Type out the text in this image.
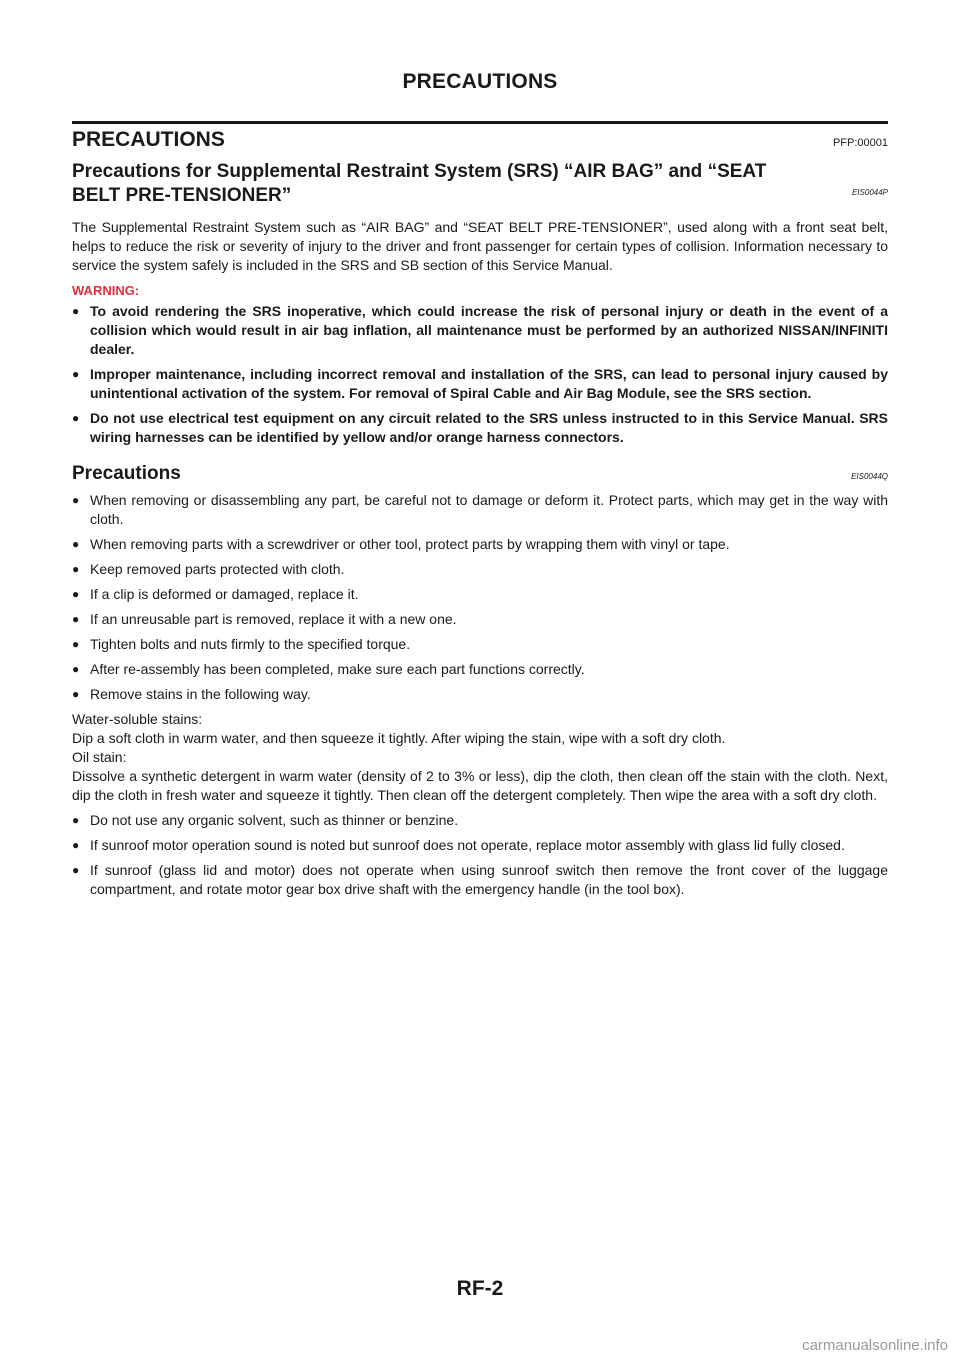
PRECAUTIONS
PRECAUTIONS	PFP:00001
Precautions for Supplemental Restraint System (SRS) “AIR BAG” and “SEAT
BELT PRE-TENSIONER”	EIS0044P

The Supplemental Restraint System such as “AIR BAG” and “SEAT BELT PRE-TENSIONER”, used along with a front seat belt, helps to reduce the risk or severity of injury to the driver and front passenger for certain types of collision. Information necessary to service the system safely is included in the SRS and SB section of this Service Manual.

WARNING:
● To avoid rendering the SRS inoperative, which could increase the risk of personal injury or death in the event of a collision which would result in air bag inflation, all maintenance must be performed by an authorized NISSAN/INFINITI dealer.
● Improper maintenance, including incorrect removal and installation of the SRS, can lead to personal injury caused by unintentional activation of the system. For removal of Spiral Cable and Air Bag Module, see the SRS section.
● Do not use electrical test equipment on any circuit related to the SRS unless instructed to in this Service Manual. SRS wiring harnesses can be identified by yellow and/or orange harness connectors.
Precautions	EIS0044Q
● When removing or disassembling any part, be careful not to damage or deform it. Protect parts, which may get in the way with cloth.
● When removing parts with a screwdriver or other tool, protect parts by wrapping them with vinyl or tape.
● Keep removed parts protected with cloth.
● If a clip is deformed or damaged, replace it.
● If an unreusable part is removed, replace it with a new one.
● Tighten bolts and nuts firmly to the specified torque.
● After re-assembly has been completed, make sure each part functions correctly.
● Remove stains in the following way.
Water-soluble stains:
Dip a soft cloth in warm water, and then squeeze it tightly. After wiping the stain, wipe with a soft dry cloth.
Oil stain:
Dissolve a synthetic detergent in warm water (density of 2 to 3% or less), dip the cloth, then clean off the stain with the cloth. Next, dip the cloth in fresh water and squeeze it tightly. Then clean off the detergent completely. Then wipe the area with a soft dry cloth.
● Do not use any organic solvent, such as thinner or benzine.
● If sunroof motor operation sound is noted but sunroof does not operate, replace motor assembly with glass lid fully closed.
● If sunroof (glass lid and motor) does not operate when using sunroof switch then remove the front cover of the luggage compartment, and rotate motor gear box drive shaft with the emergency handle (in the tool box).
RF-2
carmanualsonline.info
